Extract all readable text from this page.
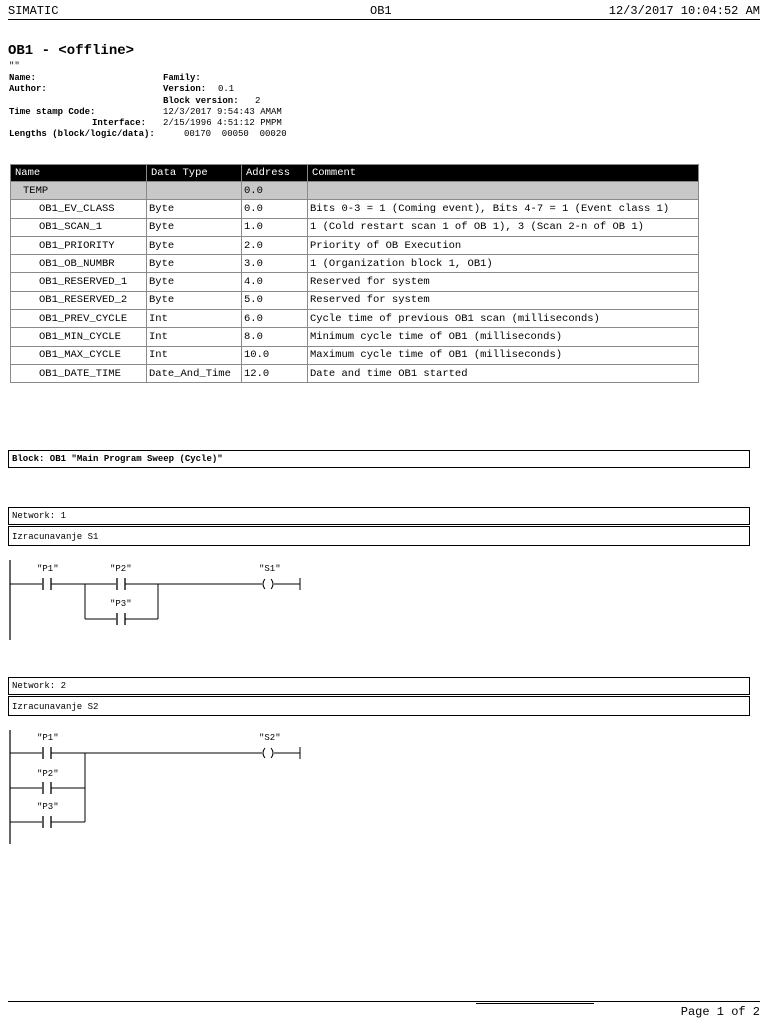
SIMATIC	OB1	12/3/2017 10:04:52 AM
OB1 - <offline>
""
Name:	Family:
Author:	Version: 0.1
Block version: 2
Time stamp Code:	12/3/2017 9:54:43 AMAM
Interface: 2/15/1996 4:51:12 PMPM
Lengths (block/logic/data):	00170  00050  00020
Name	Data Type	Address	Comment
TEMP		0.0	
OB1_EV_CLASS	Byte	0.0	Bits 0-3 = 1 (Coming event), Bits 4-7 = 1 (Event class 1)
OB1_SCAN_1	Byte	1.0	1 (Cold restart scan 1 of OB 1), 3 (Scan 2-n of OB 1)
OB1_PRIORITY	Byte	2.0	Priority of OB Execution
OB1_OB_NUMBR	Byte	3.0	1 (Organization block 1, OB1)
OB1_RESERVED_1	Byte	4.0	Reserved for system
OB1_RESERVED_2	Byte	5.0	Reserved for system
OB1_PREV_CYCLE	Int	6.0	Cycle time of previous OB1 scan (milliseconds)
OB1_MIN_CYCLE	Int	8.0	Minimum cycle time of OB1 (milliseconds)
OB1_MAX_CYCLE	Int	10.0	Maximum cycle time of OB1 (milliseconds)
OB1_DATE_TIME	Date_And_Time	12.0	Date and time OB1 started
Block: OB1 "Main Program Sweep (Cycle)"
Network: 1
Izracunavanje S1
"P1"	"P2"
"P3"
"S1"
Network: 2
Izracunavanje S2
"P1"
"P2"
"P3"
"S2"
Page 1 of 2
